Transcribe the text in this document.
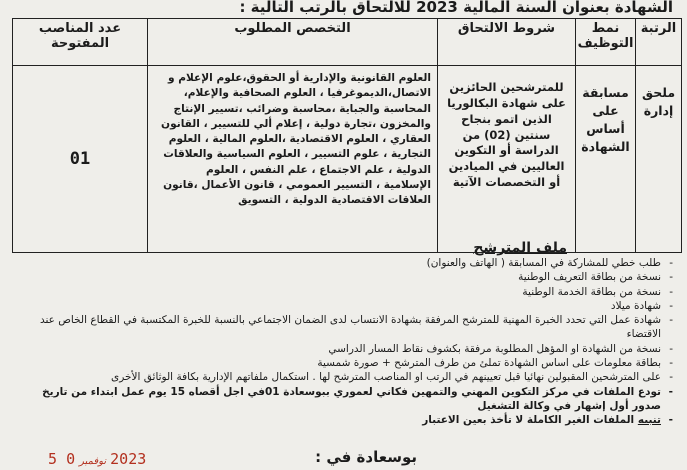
الشهادة بعنوان السنة المالية 2023 للالتحاق بالرتب التالية :
الرتبة	نمط التوظيف	شروط الالتحاق	التخصص المطلوب	عدد المناصب المفتوحة

ملحق إدارة	مسابقة على أساس الشهادة	للمترشحين الحائزين على شهادة البكالوريا الذين اتمو بنجاح سنتين (02) من الدراسة أو التكوين العاليين في الميادين أو التخصصات الآتية	العلوم القانونية والإدارية أو الحقوق،علوم الإعلام و الاتصال،الديموغرفيا ، العلوم الصحافية والإعلام، المحاسبة والجباية ،محاسبة وضرائب ،تسيير الإنتاج والمخزون ،تجارة دولية ، إعلام ألي للتسيير ، القانون العقاري ، العلوم الاقتصادية ،العلوم المالية ، العلوم التجارية ، علوم التسيير ، العلوم السياسية والعلاقات الدولية ، علم الاجتماع ، علم النفس ، العلوم الإسلامية ، التسيير العمومي ، قانون الأعمال ،قانون العلاقات الاقتصادية الدولية ، التسويق	01
ملف المترشح
- طلب خطي للمشاركة في المسابقة ( الهاتف والعنوان)
- نسخة من بطاقة التعريف الوطنية
- نسخة من بطاقة الخدمة الوطنية
- شهادة ميلاد
- شهادة عمل التي تحدد الخبرة المهنية للمترشح المرفقة بشهادة الانتساب لدى الضمان الاجتماعي بالنسبة للخبرة المكتسبة في القطاع الخاص عند الاقتضاء
- نسخة من الشهادة او المؤهل المطلوبة مرفقة بكشوف نقاط المسار الدراسي
- بطاقة معلومات على اساس الشهادة تملئ من طرف المترشح + صورة شمسية
- على المترشحين المقبولين نهائيا قبل تعيينهم في الرتب او المناصب المترشح لها . استكمال ملفاتهم الإدارية بكافة الوثائق الأخرى
- تودع الملفات في مركز التكوين المهني والتمهين فكاني لعموري ببوسعادة 01في اجل أقصاه 15 يوم عمل ابتداء من تاريخ صدور أول إشهار في وكالة التشغيل
- تنبيه الملفات الغير الكاملة لا تأخذ بعين الاعتبار
بوسعادة في :
2023نوفمبر0 5
